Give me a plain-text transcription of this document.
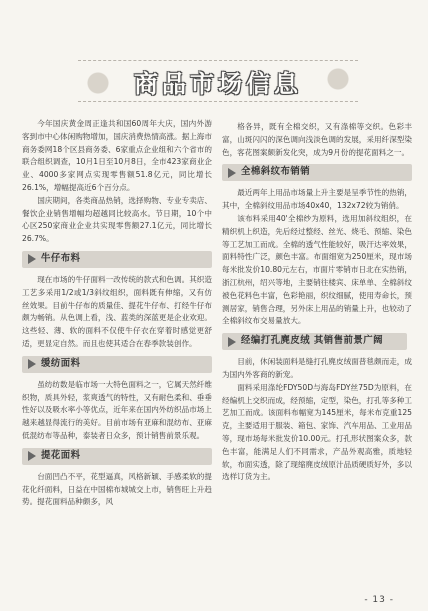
商品市场信息

今年国庆黄金周正逢共和国60周年大庆，国内外游客到市中心体闲购物增加，国庆消费热情高涨。据上海市商务委网18个区县商务委、6家重点企业组和六个省市的联合组织调查，10月1日至10月8日，全市423家商业企业、4000多家网点实现零售额51.8亿元，同比增长26.1%，增幅提高近6个百分点。

国庆期间，各类商品热销，选择购物、专业专卖店、餐饮企业销售增幅均超越同比较高水。节日期，10个中心区250家商业企业共实现零售额27.1亿元，同比增长26.7%。

牛仔布料

现在市场的牛仔面料一改传统的款式和色调。其织造工艺多采用1/2或1/3斜纹组织，面料既有伸缩，又有仿丝效果。目前牛仔布的质量佳、提花牛仔布、打经牛仔布颇为畅销。从色调上看，浅、蓝类的深蓝更是企业欢迎。这些轻、薄、软的面料不仅使牛仔衣在穿着时感觉更舒适，更显定自然。而且也使其适合在春季款装创作。

缓纺面料

虽纺纺数是临市场一大特色面料之一，它属天然纤维织物，质具外轻，浆爽透气的特性，又有耐色柔和、垂垂性好以及吸水率小等优点，近年来在国内外纺织品市场上越来越显得流行的美好。目前市场有亚麻和混纺布、亚麻低混纺布等品种，泰装者日众多，预计销售前景乐观。

提花面料

台面凹凸不平，花型逼真，风格新颖、手感柔软的提花化纤面料，日益在中国棉布城城交上市，销售旺上升趋势。提花面料品种颇多，风

格各异，既有全棉交织，又有涤棉等交织。色彩丰富，山斑闪闪的深色调向浅淡色调的发展，采用纤深型染色，客花图案颇新发化突，成为9月份的提花面料之一。

全棉斜纹布销销

最近两年上用品市场量上升主要是呈季节性的热销，其中，全棉斜纹用品市场40x40，132x72较为销俏。

该布料采用40'全棉纱为原料，选用加斜纹组织，在精织机上织造，先后经过整经、丝光、烧毛、预缩、染色等工艺加工而成。全棉的透气性能较好，吸汗达率效果，面料特性广泛，颜色丰富。布面细宽为250厘米，现市场每米批发价10.80元左右，市面片零销市日北在实热销，浙江杭州，绍兴等地，主要销往楼宾、床单单、全棉斜纹被色花料色丰富，色彩艳丽，织纹细腻，使用寿命长，预测居家，销售合理，另外床上用品的销量上升，也较动了全棉斜纹布交易量放大。

经编打孔麂皮绒 其销售前景广阔

目前，休闲装面料是缝打孔麂皮绒面普毯颇而走，成为国内外客商的新宠。

面料采用涤纶FDY50D与海岛FDY丝75D为原料，在经编机上交织而成，经预缩，定型，染色，打孔等多种工艺加工而成。该面料布幅宽为145厘米，每米布克重125克，主要适用于服装、箱包、家饰、汽车用品、工业用品等，现市场每米批发价10.00元。打孔形状图案众多，款色丰富，能满足人们不同需求，产品外观高雅，质地轻软，布面实透，除了现缩麂皮绒原汁品质硬质好外，多以选样订货为主。

- 13 -
